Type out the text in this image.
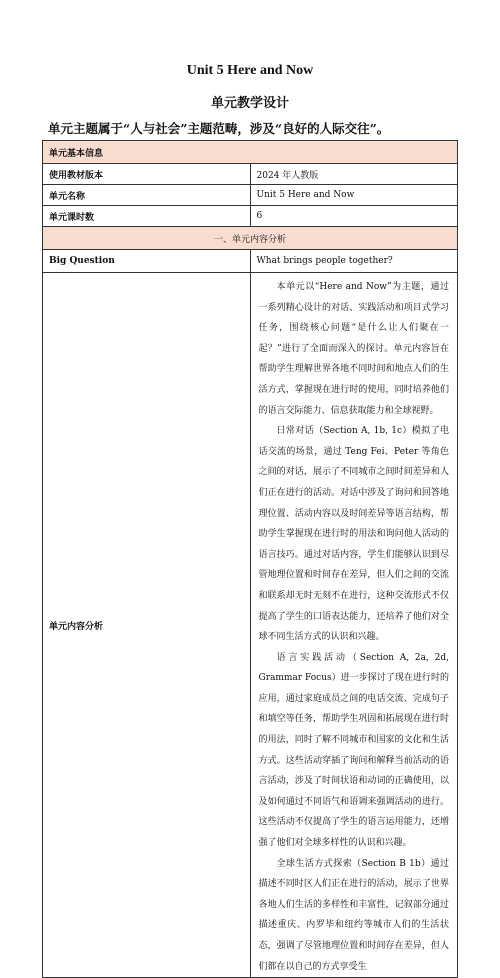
Unit 5 Here and Now
单元教学设计
单元主题属于“人与社会”主题范畴，涉及“良好的人际交往”。
单元基本信息	
使用教材版本	2024 年人教版
单元名称	Unit 5 Here and Now
单元课时数	6
一、单元内容分析	
Big Question	What brings people together?
单元内容分析	本单元以“Here and Now”为主题，通过一系列精心设计的对话、实践活动和项目式学习任务，围绕核心问题“是什么让人们聚在一起？”进行了全面而深入的探讨。单元内容旨在帮助学生理解世界各地不同时间和地点人们的生活方式，掌握现在进行时的使用，同时培养他们的语言交际能力、信息获取能力和全球视野。

日常对话（Section A, 1b, 1c）模拟了电话交流的场景，通过 Teng Fei、Peter 等角色之间的对话，展示了不同城市之间时间差异和人们正在进行的活动。对话中涉及了询问和回答地理位置、活动内容以及时间差异等语言结构，帮助学生掌握现在进行时的用法和询问他人活动的语言技巧。通过对话内容，学生们能够认识到尽管地理位置和时间存在差异，但人们之间的交流和联系却无时无刻不在进行，这种交流形式不仅提高了学生的口语表达能力，还培养了他们对全球不同生活方式的认识和兴趣。

语言实践活动（Section A, 2a, 2d, Grammar Focus）进一步探讨了现在进行时的应用，通过家庭成员之间的电话交流、完成句子和填空等任务，帮助学生巩固和拓展现在进行时的用法，同时了解不同城市和国家的文化和生活方式。这些活动穿插了询问和解释当前活动的语言活动，涉及了时间状语和动词的正确使用，以及如何通过不同语气和语调来强调活动的进行。这些活动不仅提高了学生的语言运用能力，还增强了他们对全球多样性的认识和兴趣。

全球生活方式探索（Section B 1b）通过描述不同时区人们正在进行的活动，展示了世界各地人们生活的多样性和丰富性，记叙部分通过描述重庆、内罗毕和纽约等城市人们的生活状态，强调了尽管地理位置和时间存在差异，但人们都在以自己的方式享受生
